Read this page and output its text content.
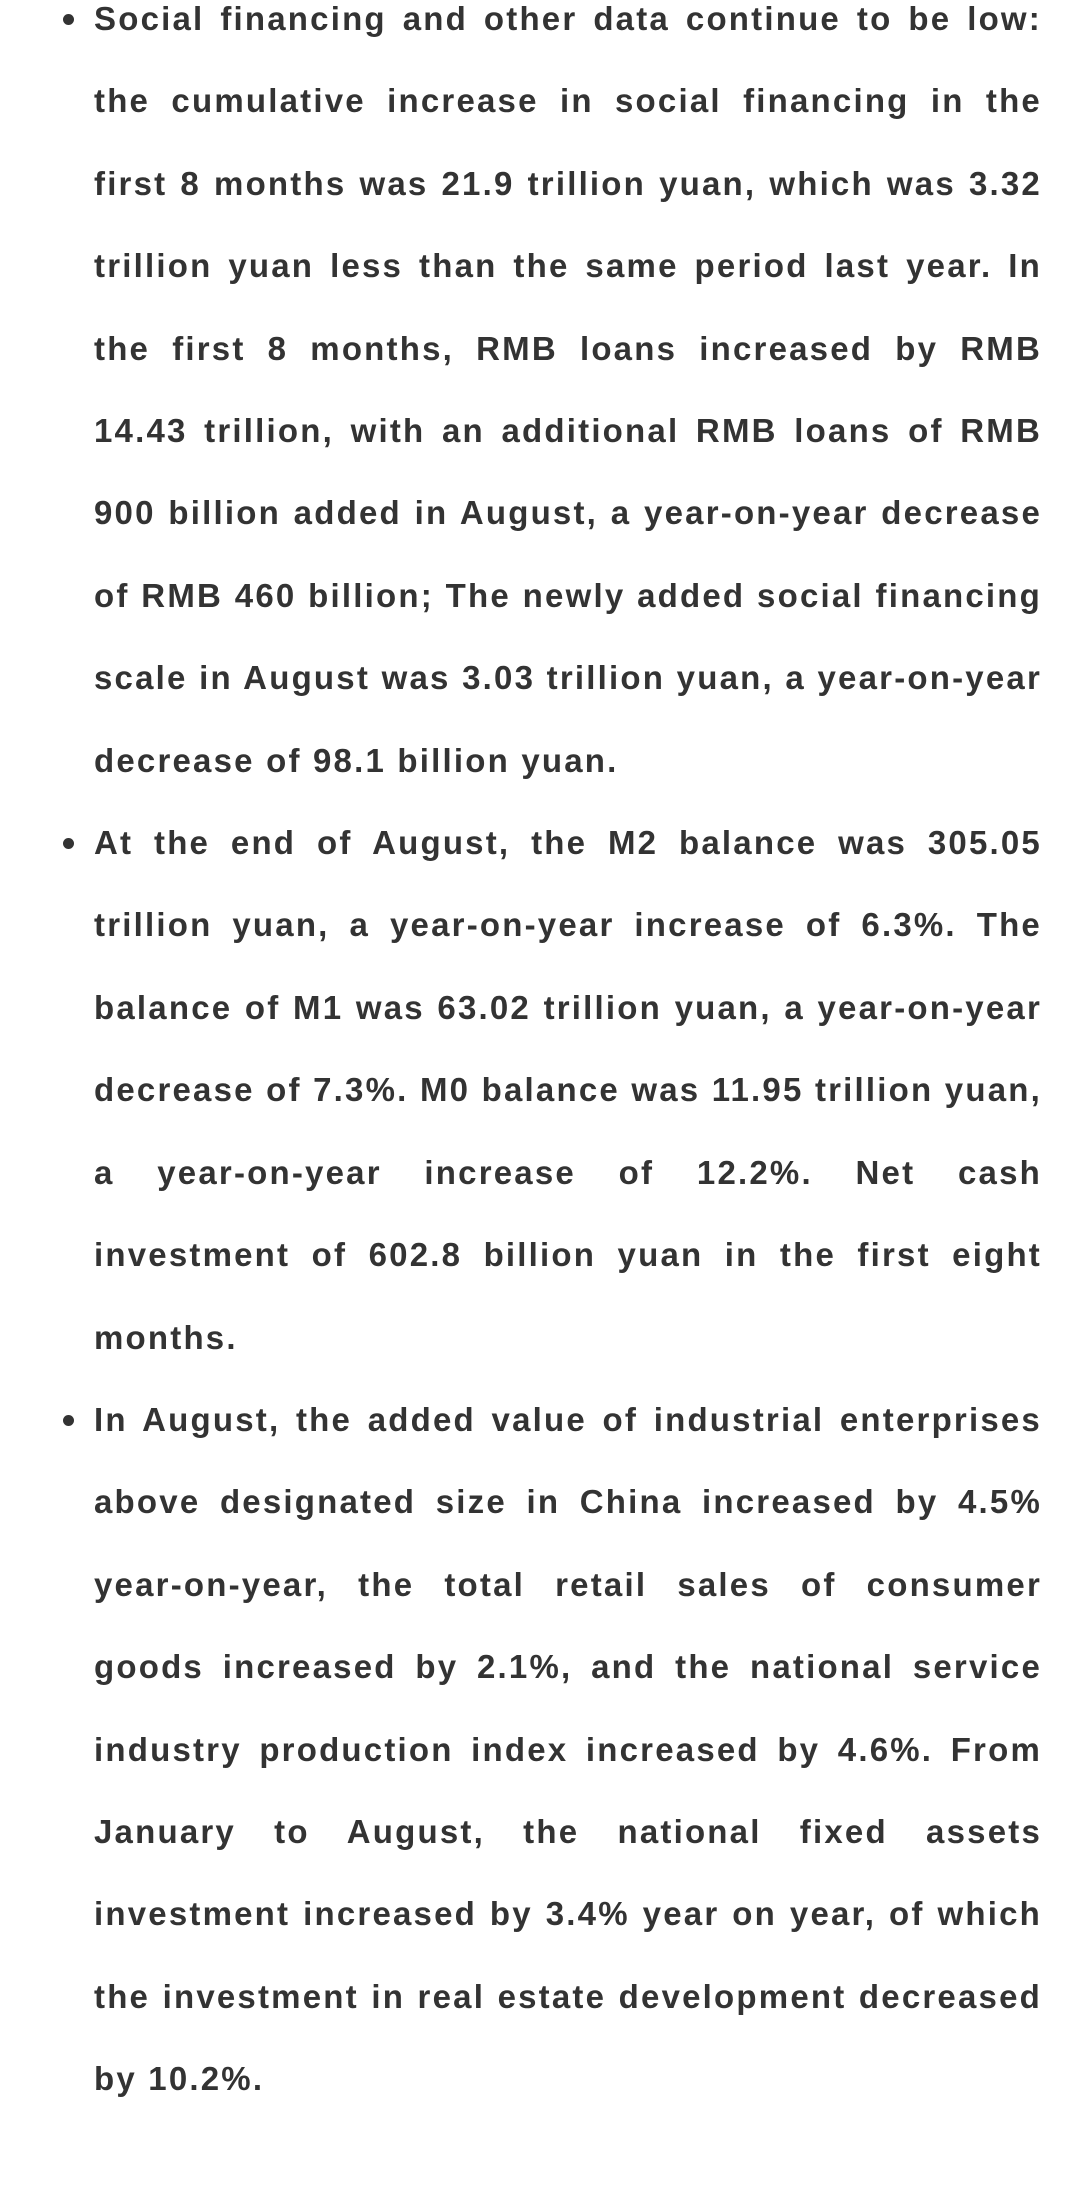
Social financing and other data continue to be low: the cumulative increase in social financing in the first 8 months was 21.9 trillion yuan, which was 3.32 trillion yuan less than the same period last year. In the first 8 months, RMB loans increased by RMB 14.43 trillion, with an additional RMB loans of RMB 900 billion added in August, a year-on-year decrease of RMB 460 billion; The newly added social financing scale in August was 3.03 trillion yuan, a year-on-year decrease of 98.1 billion yuan.
At the end of August, the M2 balance was 305.05 trillion yuan, a year-on-year increase of 6.3%. The balance of M1 was 63.02 trillion yuan, a year-on-year decrease of 7.3%. M0 balance was 11.95 trillion yuan, a year-on-year increase of 12.2%. Net cash investment of 602.8 billion yuan in the first eight months.
In August, the added value of industrial enterprises above designated size in China increased by 4.5% year-on-year, the total retail sales of consumer goods increased by 2.1%, and the national service industry production index increased by 4.6%. From January to August, the national fixed assets investment increased by 3.4% year on year, of which the investment in real estate development decreased by 10.2%.
